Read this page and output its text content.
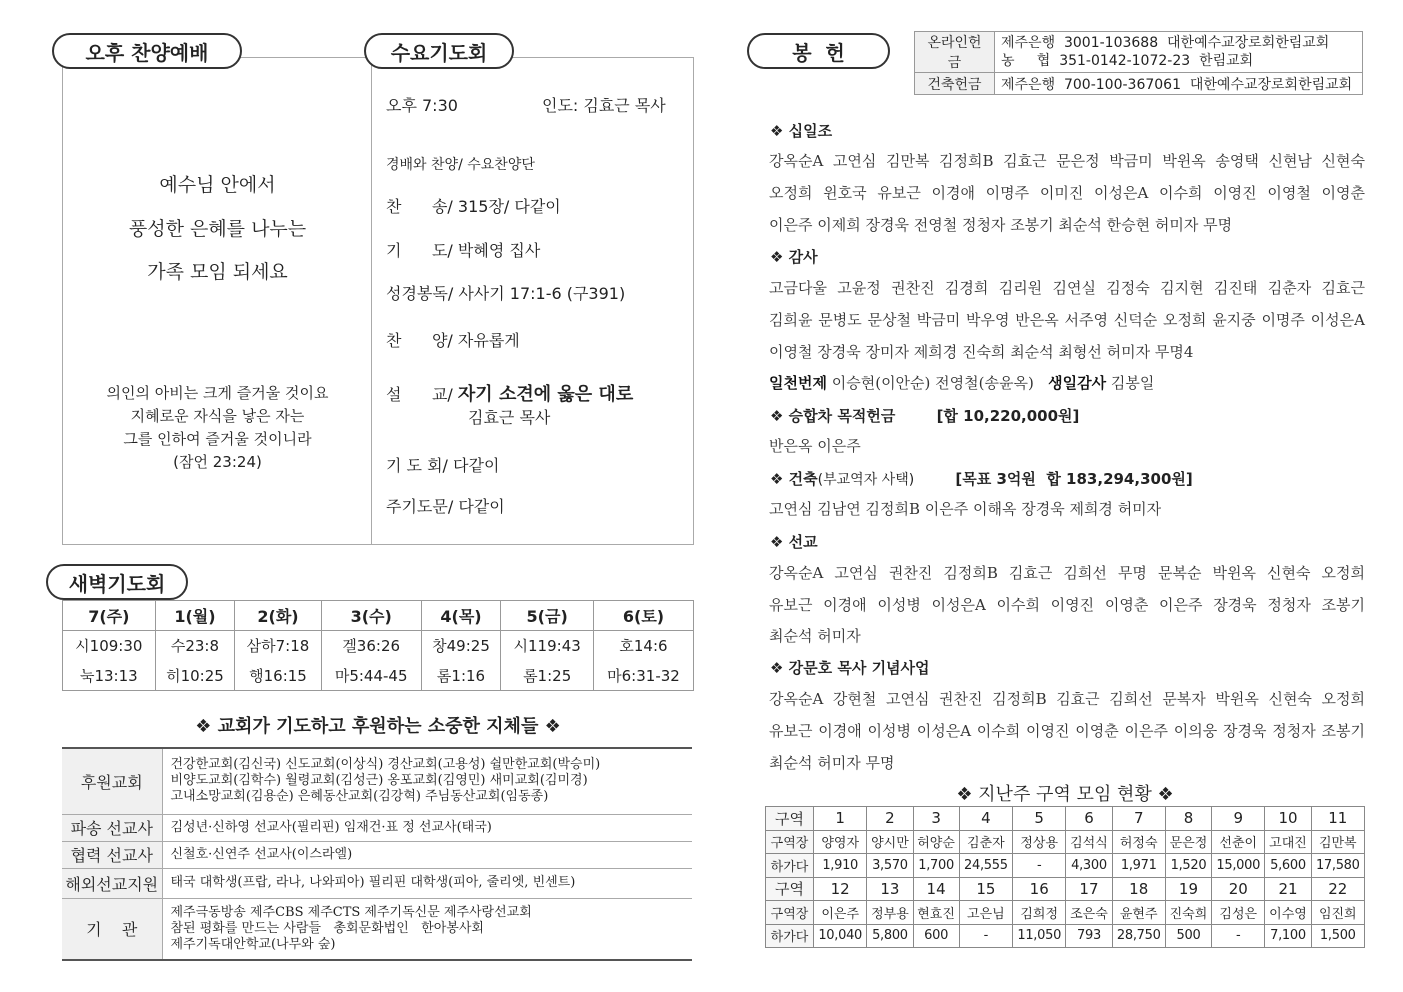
오후 찬양예배
예수님 안에서
풍성한 은혜를 나누는
가족 모임 되세요
의인의 아비는 크게 즐거울 것이요
지혜로운 자식을 낳은 자는
그를 인하여 즐거울 것이니라
(잠언 23:24)
수요기도회
오후 7:30	인도: 김효근 목사
경배와 찬양/ 수요찬양단
찬      송/ 315장/ 다같이
기      도/ 박혜영 집사
성경봉독/ 사사기 17:1-6 (구391)
찬      양/ 자유롭게
설      교/ 자기 소견에 옳은 대로
김효근 목사
기 도 회/ 다같이
주기도문/ 다같이
새벽기도회
7(주)	1(월)	2(화)	3(수)	4(목)	5(금)	6(토)
시109:30	수23:8	삼하7:18	겔36:26	창49:25	시119:43	호14:6
눅13:13	히10:25	행16:15	마5:44-45	롬1:16	롬1:25	마6:31-32
❖ 교회가 기도하고 후원하는 소중한 지체들 ❖
후원교회	건강한교회(김신국) 신도교회(이상식) 경산교회(고용성) 쉴만한교회(박승미)
비양도교회(김학수) 월령교회(김성근) 옹포교회(김영민) 새미교회(김미경)
고내소망교회(김용순) 은혜동산교회(김강혁) 주님동산교회(임동종)

파송 선교사	김성년·신하영 선교사(필리핀) 임재건·표 정 선교사(태국)

협력 선교사	신철호·신연주 선교사(이스라엘)

해외선교지원	태국 대학생(프랍, 라나, 나와피아) 필리핀 대학생(피아, 줄리엣, 빈센트)

기    관	제주극동방송 제주CBS 제주CTS 제주기독신문 제주사랑선교회
참된 평화를 만드는 사람들   총회문화법인   한아봉사회
제주기독대안학교(나무와 숲)
봉  헌	온라인헌금	제주은행  3001-103688  대한예수교장로회한림교회
농     협  351-0142-1072-23  한림교회

건축헌금	제주은행  700-100-367061  대한예수교장로회한림교회
❖ 십일조
강옥순A 고연심 김만복 김정희B 김효근 문은정 박금미 박윈옥 송영택 신현남 신현숙
오정희 윈호국 유보근 이경애 이명주 이미진 이성은A 이수희 이영진 이영철 이영춘
이은주 이제희 장경욱 전영철 정청자 조봉기 최순석 한승현 허미자 무명
❖ 감사
고금다울 고윤정 권찬진 김경희 김리원 김연실 김정숙 김지현 김진태 김춘자 김효근
김희윤 문병도 문상철 박금미 박우영 반은옥 서주영 신덕순 오정희 윤지중 이명주 이성은A
이영철 장경욱 장미자 제희경 진숙희 최순석 최형선 허미자 무명4
일천번제 이승현(이안순) 전영철(송윤옥) 생일감사 김봉일
❖ 승합차 목적헌금	[합 10,220,000원]
반은옥 이은주
❖ 건축(부교역자 사택)	[목표 3억원  합 183,294,300원]
고연심 김남연 김정희B 이은주 이해옥 장경욱 제희경 허미자
❖ 선교
강옥순A 고연심 권찬진 김정희B 김효근 김희선 무명 문복순 박윈옥 신현숙 오정희
유보근 이경애 이성병 이성은A 이수희 이영진 이영춘 이은주 장경욱 정청자 조봉기
최순석 허미자
❖ 강문호 목사 기념사업
강옥순A 강현철 고연심 권찬진 김정희B 김효근 김희선 문복자 박윈옥 신현숙 오정희
유보근 이경애 이성병 이성은A 이수희 이영진 이영춘 이은주 이의웅 장경욱 정청자 조봉기
최순석 허미자 무명
❖ 지난주 구역 모임 현황 ❖
구역	1	2	3	4	5	6	7	8	9	10	11
구역장	양영자	양시만	허양순	김춘자	정상용	김석식	허정숙	문은정	선춘이	고대진	김만복
하가다	1,910	3,570	1,700	24,555	-	4,300	1,971	1,520	15,000	5,600	17,580
구역	12	13	14	15	16	17	18	19	20	21	22
구역장	이은주	정부용	현효진	고은님	김희정	조은숙	윤현주	진숙희	김성은	이수영	임진희
하가다	10,040	5,800	600	-	11,050	793	28,750	500	-	7,100	1,500
